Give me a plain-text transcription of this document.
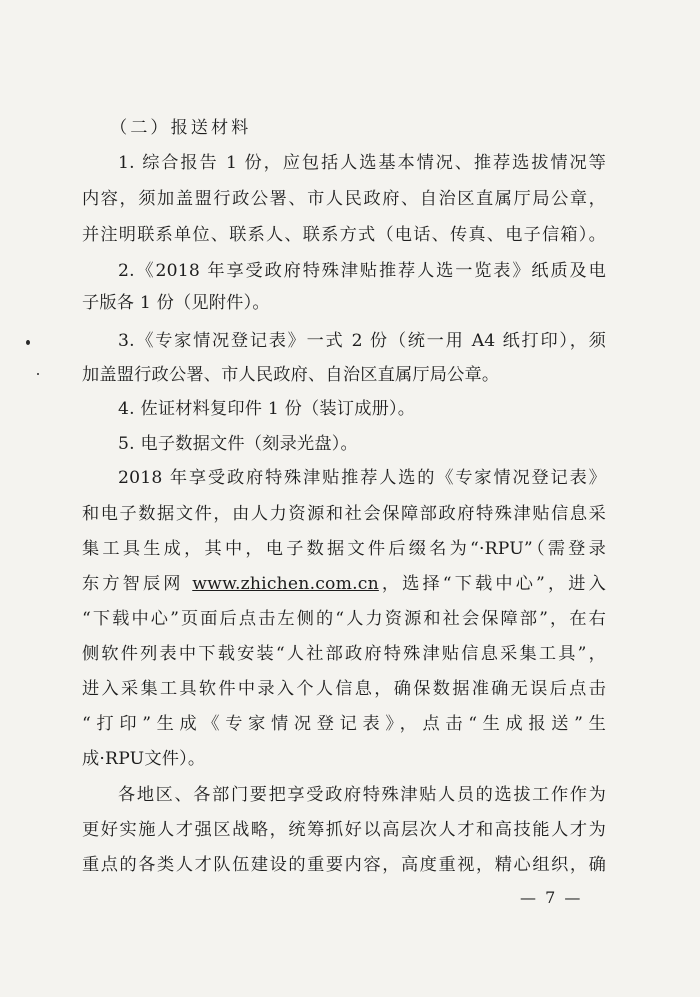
（二）报送材料
1. 综合报告 1 份，应包括人选基本情况、推荐选拔情况等
内容，须加盖盟行政公署、市人民政府、自治区直属厅局公章，
并注明联系单位、联系人、联系方式（电话、传真、电子信箱）。
2.《2018 年享受政府特殊津贴推荐人选一览表》纸质及电
子版各 1 份（见附件）。
3.《专家情况登记表》一式 2 份（统一用 A4 纸打印），须
加盖盟行政公署、市人民政府、自治区直属厅局公章。
4. 佐证材料复印件 1 份（装订成册）。
5. 电子数据文件（刻录光盘）。
2018 年享受政府特殊津贴推荐人选的《专家情况登记表》
和电子数据文件，由人力资源和社会保障部政府特殊津贴信息采
集工具生成，其中，电子数据文件后缀名为“·RPU”（需登录
东方智辰网 www.zhichen.com.cn，选择“下载中心”，进入
“下载中心”页面后点击左侧的“人力资源和社会保障部”，在右
侧软件列表中下载安装“人社部政府特殊津贴信息采集工具”，
进入采集工具软件中录入个人信息，确保数据准确无误后点击
“打印”生成《专家情况登记表》，点击“生成报送”生
成·RPU文件）。
各地区、各部门要把享受政府特殊津贴人员的选拔工作作为
更好实施人才强区战略，统筹抓好以高层次人才和高技能人才为
重点的各类人才队伍建设的重要内容，高度重视，精心组织，确
— 7 —
